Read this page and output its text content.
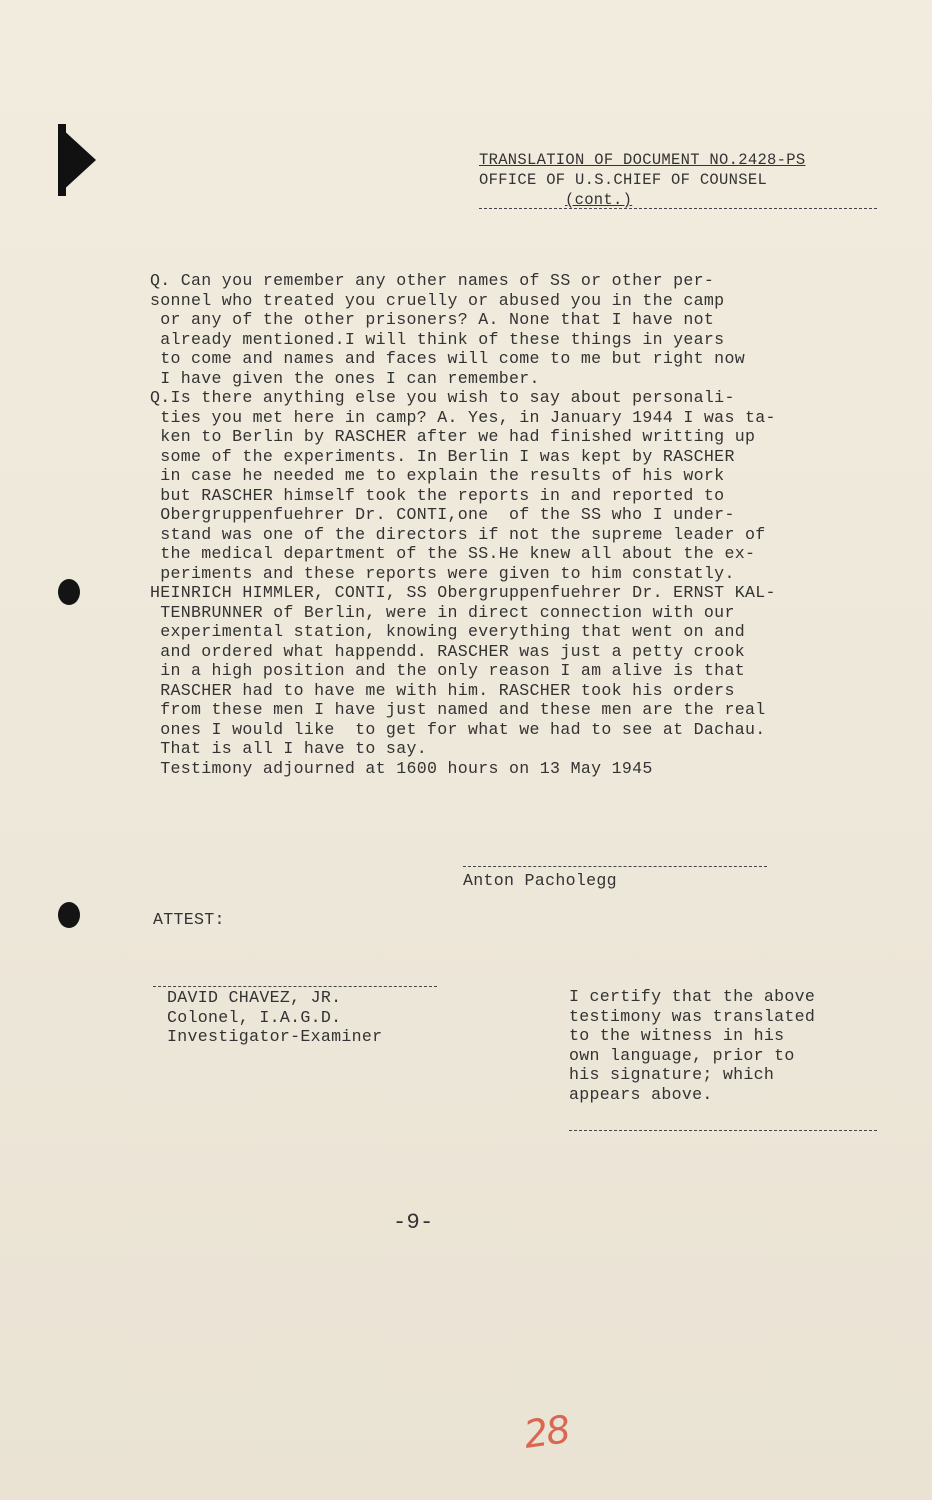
TRANSLATION OF DOCUMENT NO.2428-PS
OFFICE OF U.S.CHIEF OF COUNSEL
(cont.)
Q. Can you remember any other names of SS or other per-
sonnel who treated you cruelly or abused you in the camp
or any of the other prisoners? A. None that I have not
already mentioned.I will think of these things in years
to come and names and faces will come to me but right now
I have given the ones I can remember.
Q.Is there anything else you wish to say about personali-
ties you met here in camp? A. Yes, in January 1944 I was ta-
ken to Berlin by RASCHER after we had finished writting up
some of the experiments. In Berlin I was kept by RASCHER
in case he needed me to explain the results of his work
but RASCHER himself took the reports in and reported to
Obergruppenfuehrer Dr. CONTI,one  of the SS who I under-
stand was one of the directors if not the supreme leader of
the medical department of the SS.He knew all about the ex-
periments and these reports were given to him constatly.
HEINRICH HIMMLER, CONTI, SS Obergruppenfuehrer Dr. ERNST KAL-
TENBRUNNER of Berlin, were in direct connection with our
experimental station, knowing everything that went on and
and ordered what happendd. RASCHER was just a petty crook
in a high position and the only reason I am alive is that
RASCHER had to have me with him. RASCHER took his orders
from these men I have just named and these men are the real
ones I would like  to get for what we had to see at Dachau.
That is all I have to say.
Testimony adjourned at 1600 hours on 13 May 1945
Anton Pacholegg
ATTEST:
DAVID CHAVEZ, JR.
Colonel, I.A.G.D.
Investigator-Examiner
I certify that the above
testimony was translated
to the witness in his
own language, prior to
his signature; which
appears above.
-9-
28
